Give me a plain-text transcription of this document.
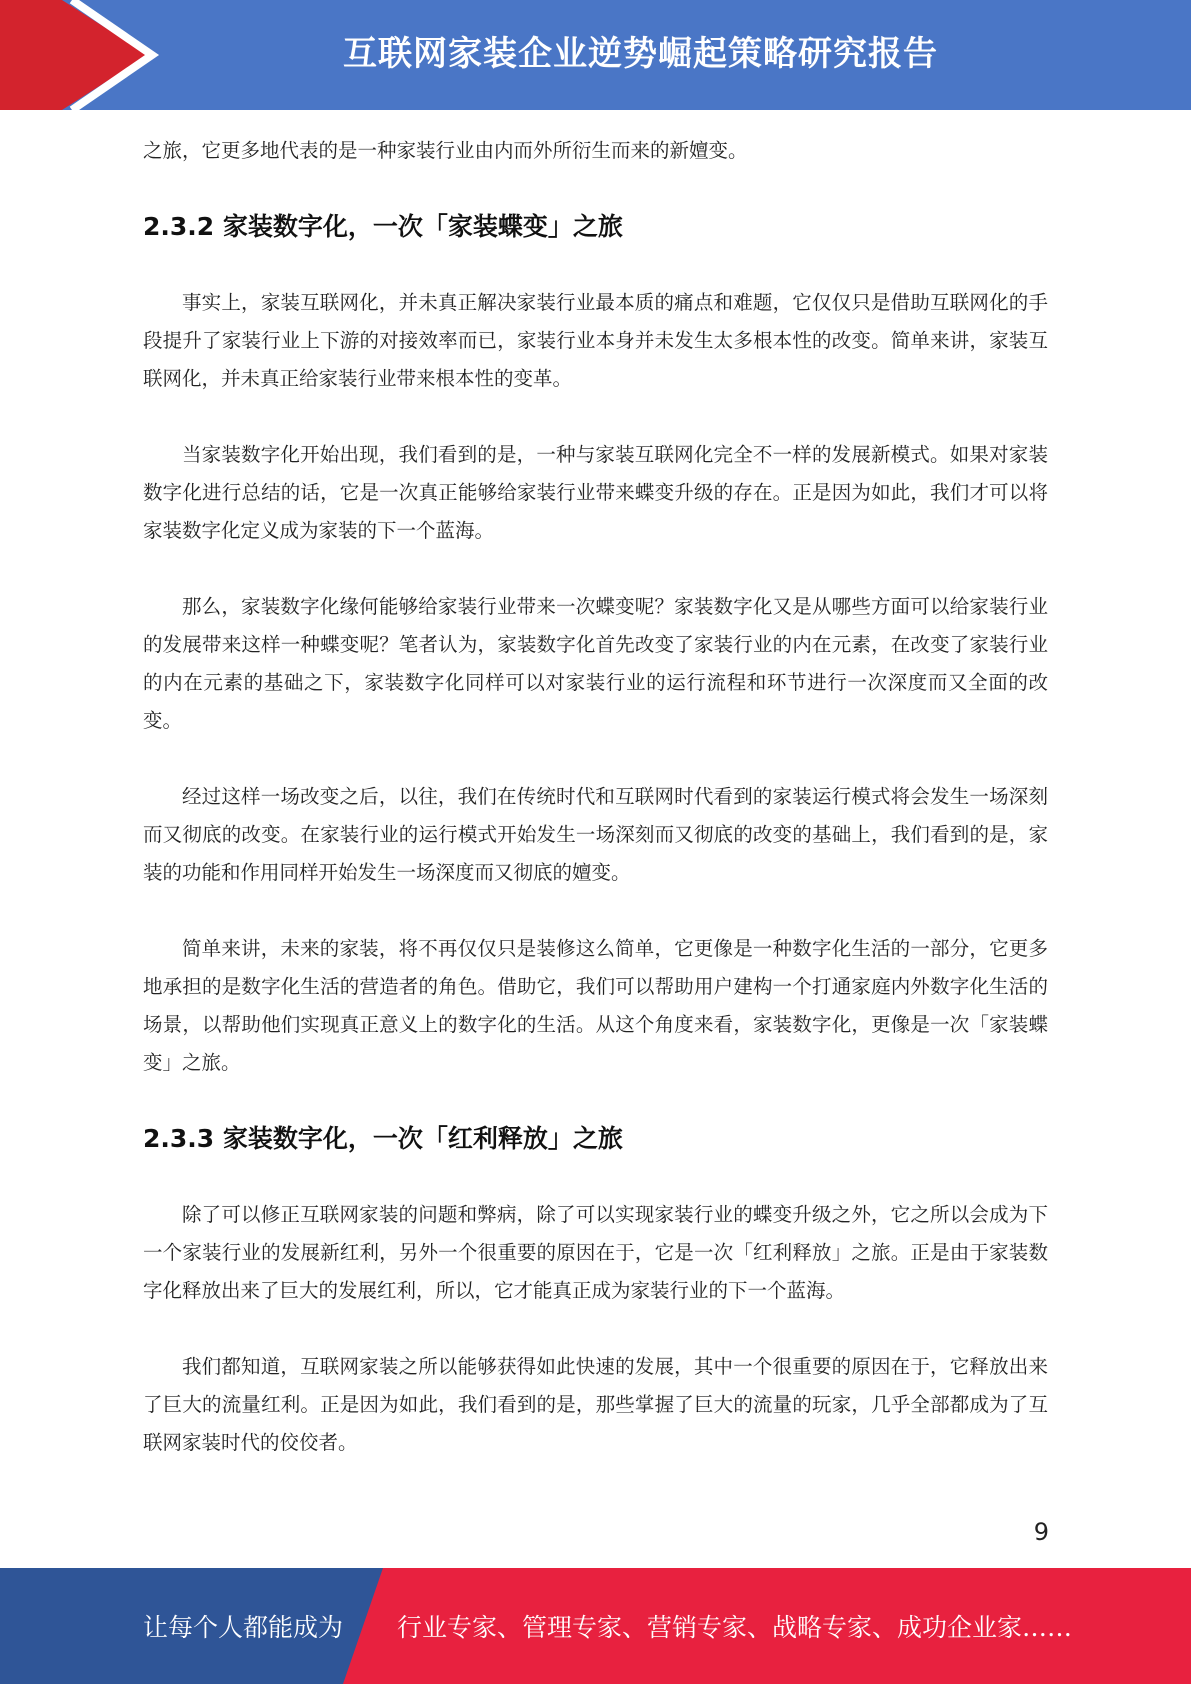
互联网家装企业逆势崛起策略研究报告

之旅，它更多地代表的是一种家装行业由内而外所衍生而来的新嬗变。

2.3.2 家装数字化，一次「家装蝶变」之旅

事实上，家装互联网化，并未真正解决家装行业最本质的痛点和难题，它仅仅只是借助互联网化的手段提升了家装行业上下游的对接效率而已，家装行业本身并未发生太多根本性的改变。简单来讲，家装互联网化，并未真正给家装行业带来根本性的变革。

当家装数字化开始出现，我们看到的是，一种与家装互联网化完全不一样的发展新模式。如果对家装数字化进行总结的话，它是一次真正能够给家装行业带来蝶变升级的存在。正是因为如此，我们才可以将家装数字化定义成为家装的下一个蓝海。

那么，家装数字化缘何能够给家装行业带来一次蝶变呢？家装数字化又是从哪些方面可以给家装行业的发展带来这样一种蝶变呢？笔者认为，家装数字化首先改变了家装行业的内在元素，在改变了家装行业的内在元素的基础之下，家装数字化同样可以对家装行业的运行流程和环节进行一次深度而又全面的改变。

经过这样一场改变之后，以往，我们在传统时代和互联网时代看到的家装运行模式将会发生一场深刻而又彻底的改变。在家装行业的运行模式开始发生一场深刻而又彻底的改变的基础上，我们看到的是，家装的功能和作用同样开始发生一场深度而又彻底的嬗变。

简单来讲，未来的家装，将不再仅仅只是装修这么简单，它更像是一种数字化生活的一部分，它更多地承担的是数字化生活的营造者的角色。借助它，我们可以帮助用户建构一个打通家庭内外数字化生活的场景，以帮助他们实现真正意义上的数字化的生活。从这个角度来看，家装数字化，更像是一次「家装蝶变」之旅。

2.3.3 家装数字化，一次「红利释放」之旅

除了可以修正互联网家装的问题和弊病，除了可以实现家装行业的蝶变升级之外，它之所以会成为下一个家装行业的发展新红利，另外一个很重要的原因在于，它是一次「红利释放」之旅。正是由于家装数字化释放出来了巨大的发展红利，所以，它才能真正成为家装行业的下一个蓝海。

我们都知道，互联网家装之所以能够获得如此快速的发展，其中一个很重要的原因在于，它释放出来了巨大的流量红利。正是因为如此，我们看到的是，那些掌握了巨大的流量的玩家，几乎全部都成为了互联网家装时代的佼佼者。

9
让每个人都能成为 行业专家、管理专家、营销专家、战略专家、成功企业家……
